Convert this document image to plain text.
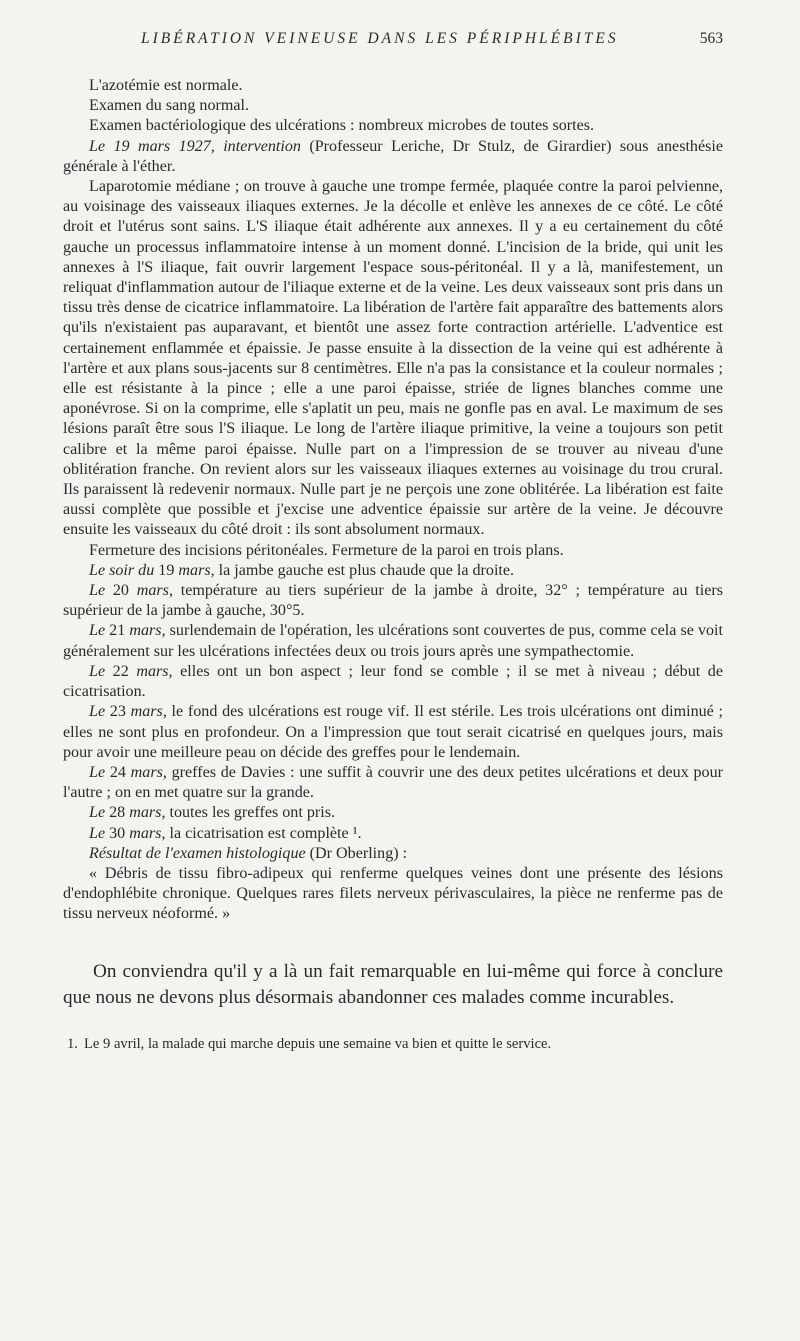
LIBÉRATION VEINEUSE DANS LES PÉRIPHLÉBITES	563

L'azotémie est normale.

Examen du sang normal.

Examen bactériologique des ulcérations : nombreux microbes de toutes sortes.

Le 19 mars 1927, intervention (Professeur Leriche, Dr Stulz, de Girardier) sous anesthésie générale à l'éther.

Laparotomie médiane ; on trouve à gauche une trompe fermée, plaquée contre la paroi pelvienne, au voisinage des vaisseaux iliaques externes. Je la décolle et enlève les annexes de ce côté. Le côté droit et l'utérus sont sains. L'S iliaque était adhérente aux annexes. Il y a eu certainement du côté gauche un processus inflammatoire intense à un moment donné. L'incision de la bride, qui unit les annexes à l'S iliaque, fait ouvrir largement l'espace sous-péritonéal. Il y a là, manifestement, un reliquat d'inflammation autour de l'iliaque externe et de la veine. Les deux vaisseaux sont pris dans un tissu très dense de cicatrice inflammatoire. La libération de l'artère fait apparaître des battements alors qu'ils n'existaient pas auparavant, et bientôt une assez forte contraction artérielle. L'adventice est certainement enflammée et épaissie. Je passe ensuite à la dissection de la veine qui est adhérente à l'artère et aux plans sous-jacents sur 8 centimètres. Elle n'a pas la consistance et la couleur normales ; elle est résistante à la pince ; elle a une paroi épaisse, striée de lignes blanches comme une aponévrose. Si on la comprime, elle s'aplatit un peu, mais ne gonfle pas en aval. Le maximum de ses lésions paraît être sous l'S iliaque. Le long de l'artère iliaque primitive, la veine a toujours son petit calibre et la même paroi épaisse. Nulle part on a l'impression de se trouver au niveau d'une oblitération franche. On revient alors sur les vaisseaux iliaques externes au voisinage du trou crural. Ils paraissent là redevenir normaux. Nulle part je ne perçois une zone oblitérée. La libération est faite aussi complète que possible et j'excise une adventice épaissie sur artère de la veine. Je découvre ensuite les vaisseaux du côté droit : ils sont absolument normaux.

Fermeture des incisions péritonéales. Fermeture de la paroi en trois plans.

Le soir du 19 mars, la jambe gauche est plus chaude que la droite.

Le 20 mars, température au tiers supérieur de la jambe à droite, 32° ; température au tiers supérieur de la jambe à gauche, 30°5.

Le 21 mars, surlendemain de l'opération, les ulcérations sont couvertes de pus, comme cela se voit généralement sur les ulcérations infectées deux ou trois jours après une sympathectomie.

Le 22 mars, elles ont un bon aspect ; leur fond se comble ; il se met à niveau ; début de cicatrisation.

Le 23 mars, le fond des ulcérations est rouge vif. Il est stérile. Les trois ulcérations ont diminué ; elles ne sont plus en profondeur. On a l'impression que tout serait cicatrisé en quelques jours, mais pour avoir une meilleure peau on décide des greffes pour le lendemain.

Le 24 mars, greffes de Davies : une suffit à couvrir une des deux petites ulcérations et deux pour l'autre ; on en met quatre sur la grande.

Le 28 mars, toutes les greffes ont pris.

Le 30 mars, la cicatrisation est complète ¹.

Résultat de l'examen histologique (Dr Oberling) :

« Débris de tissu fibro-adipeux qui renferme quelques veines dont une présente des lésions d'endophlébite chronique. Quelques rares filets nerveux périvasculaires, la pièce ne renferme pas de tissu nerveux néoformé. »

On conviendra qu'il y a là un fait remarquable en lui-même qui force à conclure que nous ne devons plus désormais abandonner ces malades comme incurables.

1. Le 9 avril, la malade qui marche depuis une semaine va bien et quitte le service.
